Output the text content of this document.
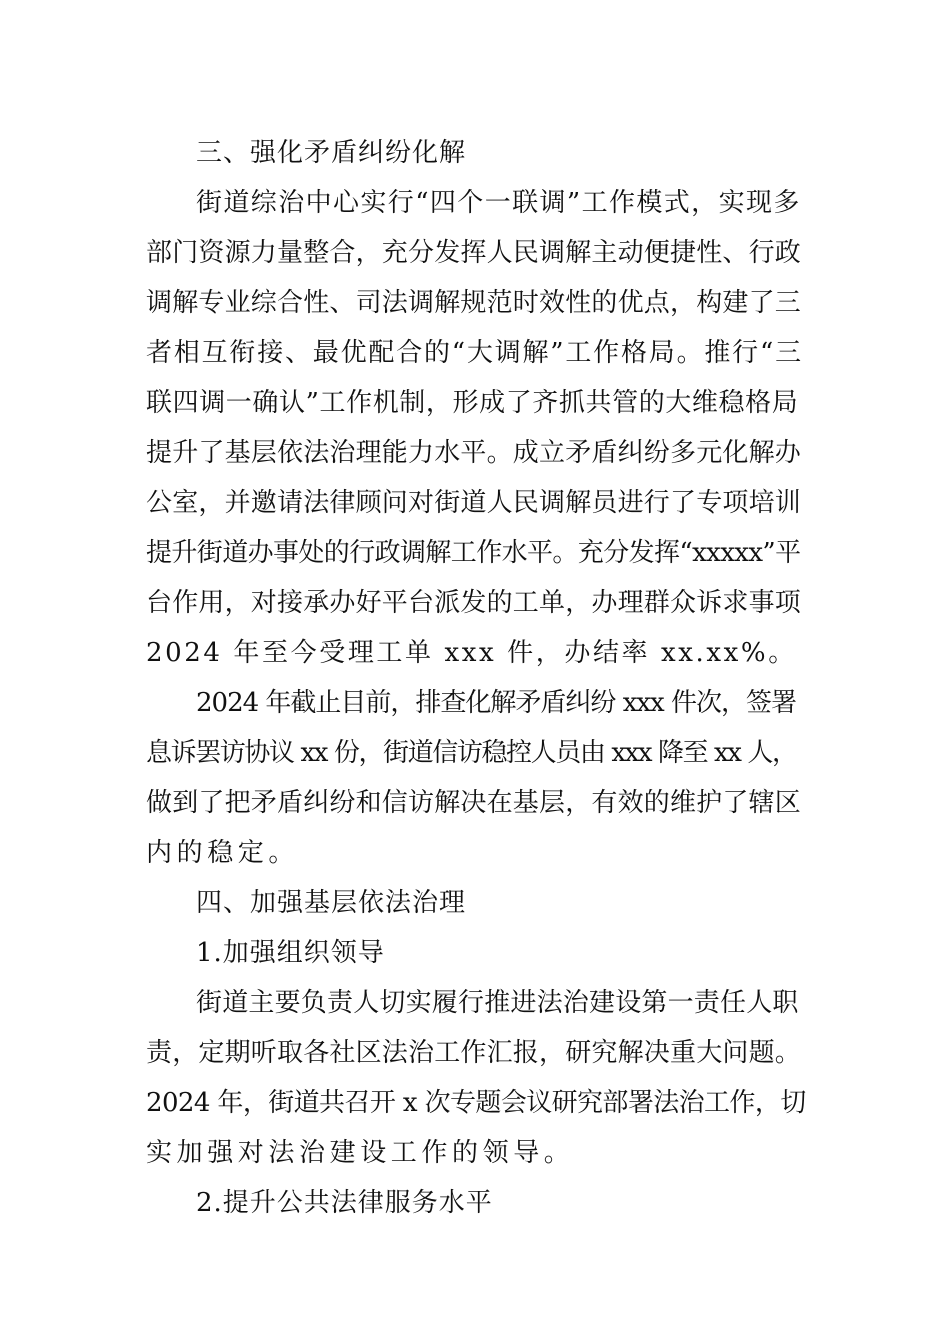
三、强化矛盾纠纷化解
街道综治中心实行“四个一联调”工作模式，实现多
部门资源力量整合，充分发挥人民调解主动便捷性、行政
调解专业综合性、司法调解规范时效性的优点，构建了三
者相互衔接、最优配合的“大调解”工作格局。推行“三
联四调一确认”工作机制，形成了齐抓共管的大维稳格局
提升了基层依法治理能力水平。成立矛盾纠纷多元化解办
公室，并邀请法律顾问对街道人民调解员进行了专项培训
提升街道办事处的行政调解工作水平。充分发挥“xxxxx”平
台作用，对接承办好平台派发的工单，办理群众诉求事项
2024 年至今受理工单 xxx 件，办结率 xx.xx%。
2024 年截止目前，排查化解矛盾纠纷 xxx 件次，签署
息诉罢访协议 xx 份，街道信访稳控人员由 xxx 降至 xx 人，
做到了把矛盾纠纷和信访解决在基层，有效的维护了辖区
内的稳定。
四、加强基层依法治理
1.加强组织领导
街道主要负责人切实履行推进法治建设第一责任人职
责，定期听取各社区法治工作汇报，研究解决重大问题。
2024 年，街道共召开 x 次专题会议研究部署法治工作，切
实加强对法治建设工作的领导。
2.提升公共法律服务水平
